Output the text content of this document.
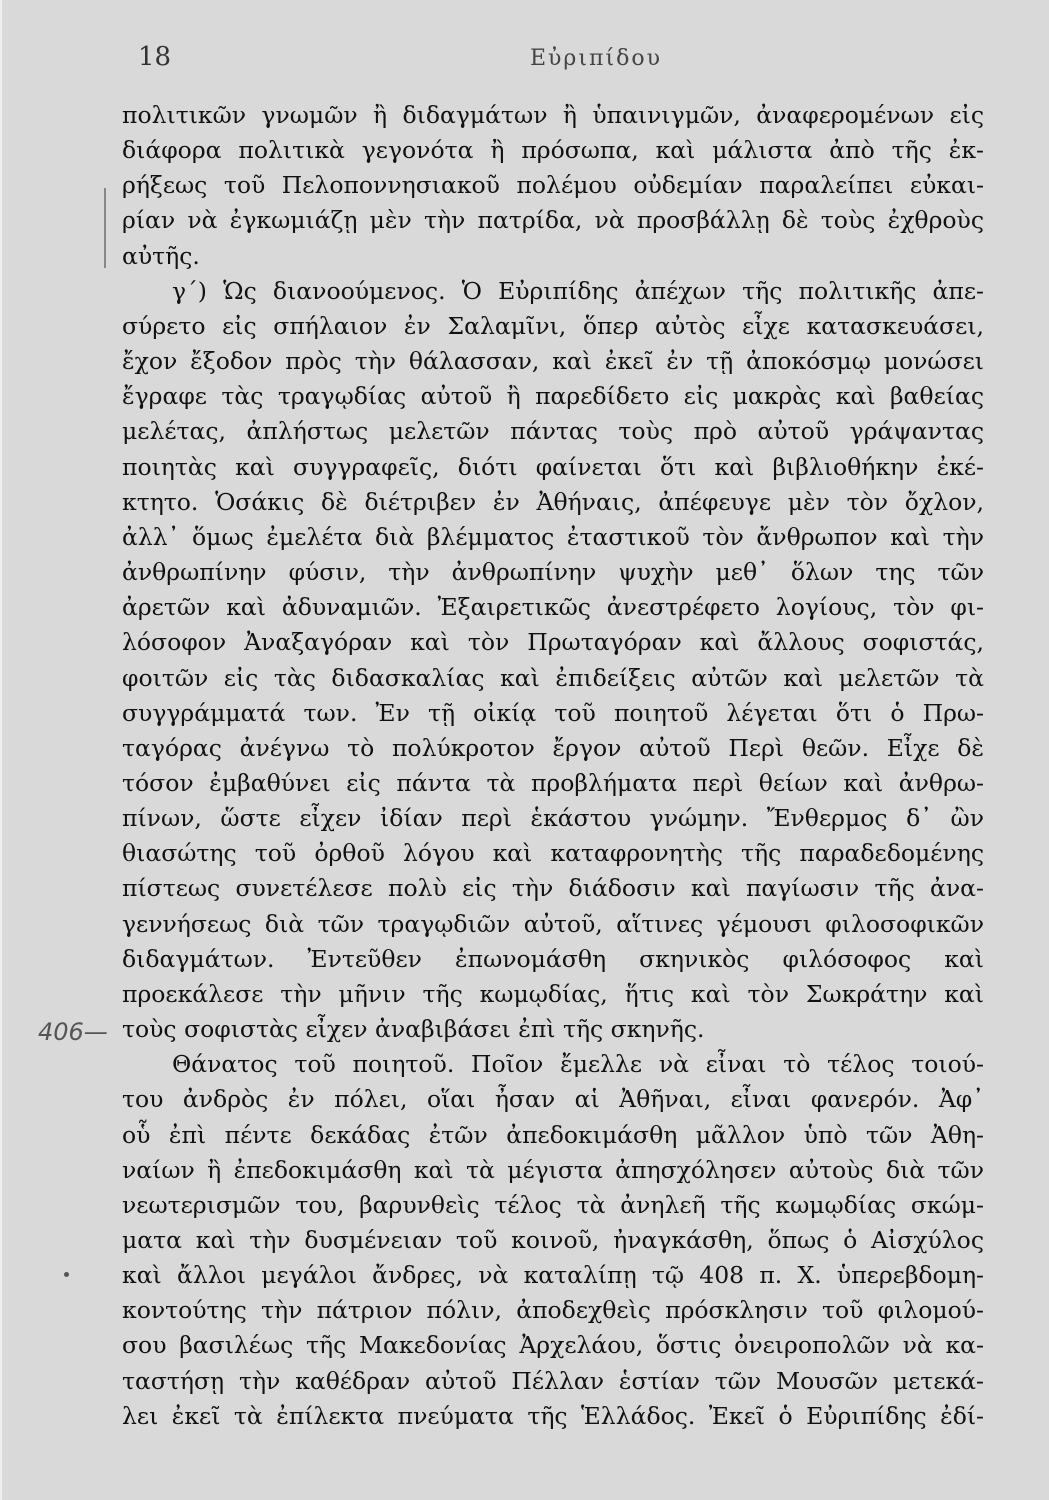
18	Εὐριπίδου
406—
πολιτικῶν γνωμῶν ἢ διδαγμάτων ἢ ὑπαινιγμῶν, ἀναφερομένων εἰς
διάφορα πολιτικὰ γεγονότα ἢ πρόσωπα, καὶ μάλιστα ἀπὸ τῆς ἐκ-
ρήξεως τοῦ Πελοποννησιακοῦ πολέμου οὐδεμίαν παραλείπει εὐκαι-
ρίαν νὰ ἐγκωμιάζῃ μὲν τὴν πατρίδα, νὰ προσβάλλῃ δὲ τοὺς ἐχθροὺς
αὐτῆς.
γ΄) Ὡς διανοούμενος. Ὁ Εὐριπίδης ἀπέχων τῆς πολιτικῆς ἀπε-
σύρετο εἰς σπήλαιον ἐν Σαλαμῖνι, ὅπερ αὐτὸς εἶχε κατασκευάσει,
ἔχον ἔξοδον πρὸς τὴν θάλασσαν, καὶ ἐκεῖ ἐν τῇ ἀποκόσμῳ μονώσει
ἔγραφε τὰς τραγῳδίας αὐτοῦ ἢ παρεδίδετο εἰς μακρὰς καὶ βαθείας
μελέτας, ἀπλήστως μελετῶν πάντας τοὺς πρὸ αὐτοῦ γράψαντας
ποιητὰς καὶ συγγραφεῖς, διότι φαίνεται ὅτι καὶ βιβλιοθήκην ἐκέ-
κτητο. Ὁσάκις δὲ διέτριβεν ἐν Ἀθήναις, ἀπέφευγε μὲν τὸν ὄχλον,
ἀλλ᾽ ὅμως ἐμελέτα διὰ βλέμματος ἐταστικοῦ τὸν ἄνθρωπον καὶ τὴν
ἀνθρωπίνην φύσιν, τὴν ἀνθρωπίνην ψυχὴν μεθ᾽ ὅλων της τῶν
ἀρετῶν καὶ ἀδυναμιῶν. Ἐξαιρετικῶς ἀνεστρέφετο λογίους, τὸν φι-
λόσοφον Ἀναξαγόραν καὶ τὸν Πρωταγόραν καὶ ἄλλους σοφιστάς,
φοιτῶν εἰς τὰς διδασκαλίας καὶ ἐπιδείξεις αὐτῶν καὶ μελετῶν τὰ
συγγράμματά των. Ἐν τῇ οἰκίᾳ τοῦ ποιητοῦ λέγεται ὅτι ὁ Πρω-
ταγόρας ἀνέγνω τὸ πολύκροτον ἔργον αὐτοῦ Περὶ θεῶν. Εἶχε δὲ
τόσον ἐμβαθύνει εἰς πάντα τὰ προβλήματα περὶ θείων καὶ ἀνθρω-
πίνων, ὥστε εἶχεν ἰδίαν περὶ ἑκάστου γνώμην. Ἔνθερμος δ᾽ ὢν
θιασώτης τοῦ ὀρθοῦ λόγου καὶ καταφρονητὴς τῆς παραδεδομένης
πίστεως συνετέλεσε πολὺ εἰς τὴν διάδοσιν καὶ παγίωσιν τῆς ἀνα-
γεννήσεως διὰ τῶν τραγῳδιῶν αὐτοῦ, αἵτινες γέμουσι φιλοσοφικῶν
διδαγμάτων. Ἐντεῦθεν ἐπωνομάσθη σκηνικὸς φιλόσοφος καὶ
προεκάλεσε τὴν μῆνιν τῆς κωμῳδίας, ἥτις καὶ τὸν Σωκράτην καὶ
τοὺς σοφιστὰς εἶχεν ἀναβιβάσει ἐπὶ τῆς σκηνῆς.
Θάνατος τοῦ ποιητοῦ. Ποῖον ἔμελλε νὰ εἶναι τὸ τέλος τοιού-
του ἀνδρὸς ἐν πόλει, οἵαι ἦσαν αἱ Ἀθῆναι, εἶναι φανερόν. Ἀφ᾽
οὗ ἐπὶ πέντε δεκάδας ἐτῶν ἀπεδοκιμάσθη μᾶλλον ὑπὸ τῶν Ἀθη-
ναίων ἢ ἐπεδοκιμάσθη καὶ τὰ μέγιστα ἀπησχόλησεν αὐτοὺς διὰ τῶν
νεωτερισμῶν του, βαρυνθεὶς τέλος τὰ ἀνηλεῆ τῆς κωμῳδίας σκώμ-
ματα καὶ τὴν δυσμένειαν τοῦ κοινοῦ, ἠναγκάσθη, ὅπως ὁ Αἰσχύλος
καὶ ἄλλοι μεγάλοι ἄνδρες, νὰ καταλίπῃ τῷ 408 π. Χ. ὑπερεβδομη-
κοντούτης τὴν πάτριον πόλιν, ἀποδεχθεὶς πρόσκλησιν τοῦ φιλομού-
σου βασιλέως τῆς Μακεδονίας Ἀρχελάου, ὅστις ὀνειροπολῶν νὰ κα-
ταστήσῃ τὴν καθέδραν αὐτοῦ Πέλλαν ἑστίαν τῶν Μουσῶν μετεκά-
λει ἐκεῖ τὰ ἐπίλεκτα πνεύματα τῆς Ἑλλάδος. Ἐκεῖ ὁ Εὐριπίδης ἐδί-
